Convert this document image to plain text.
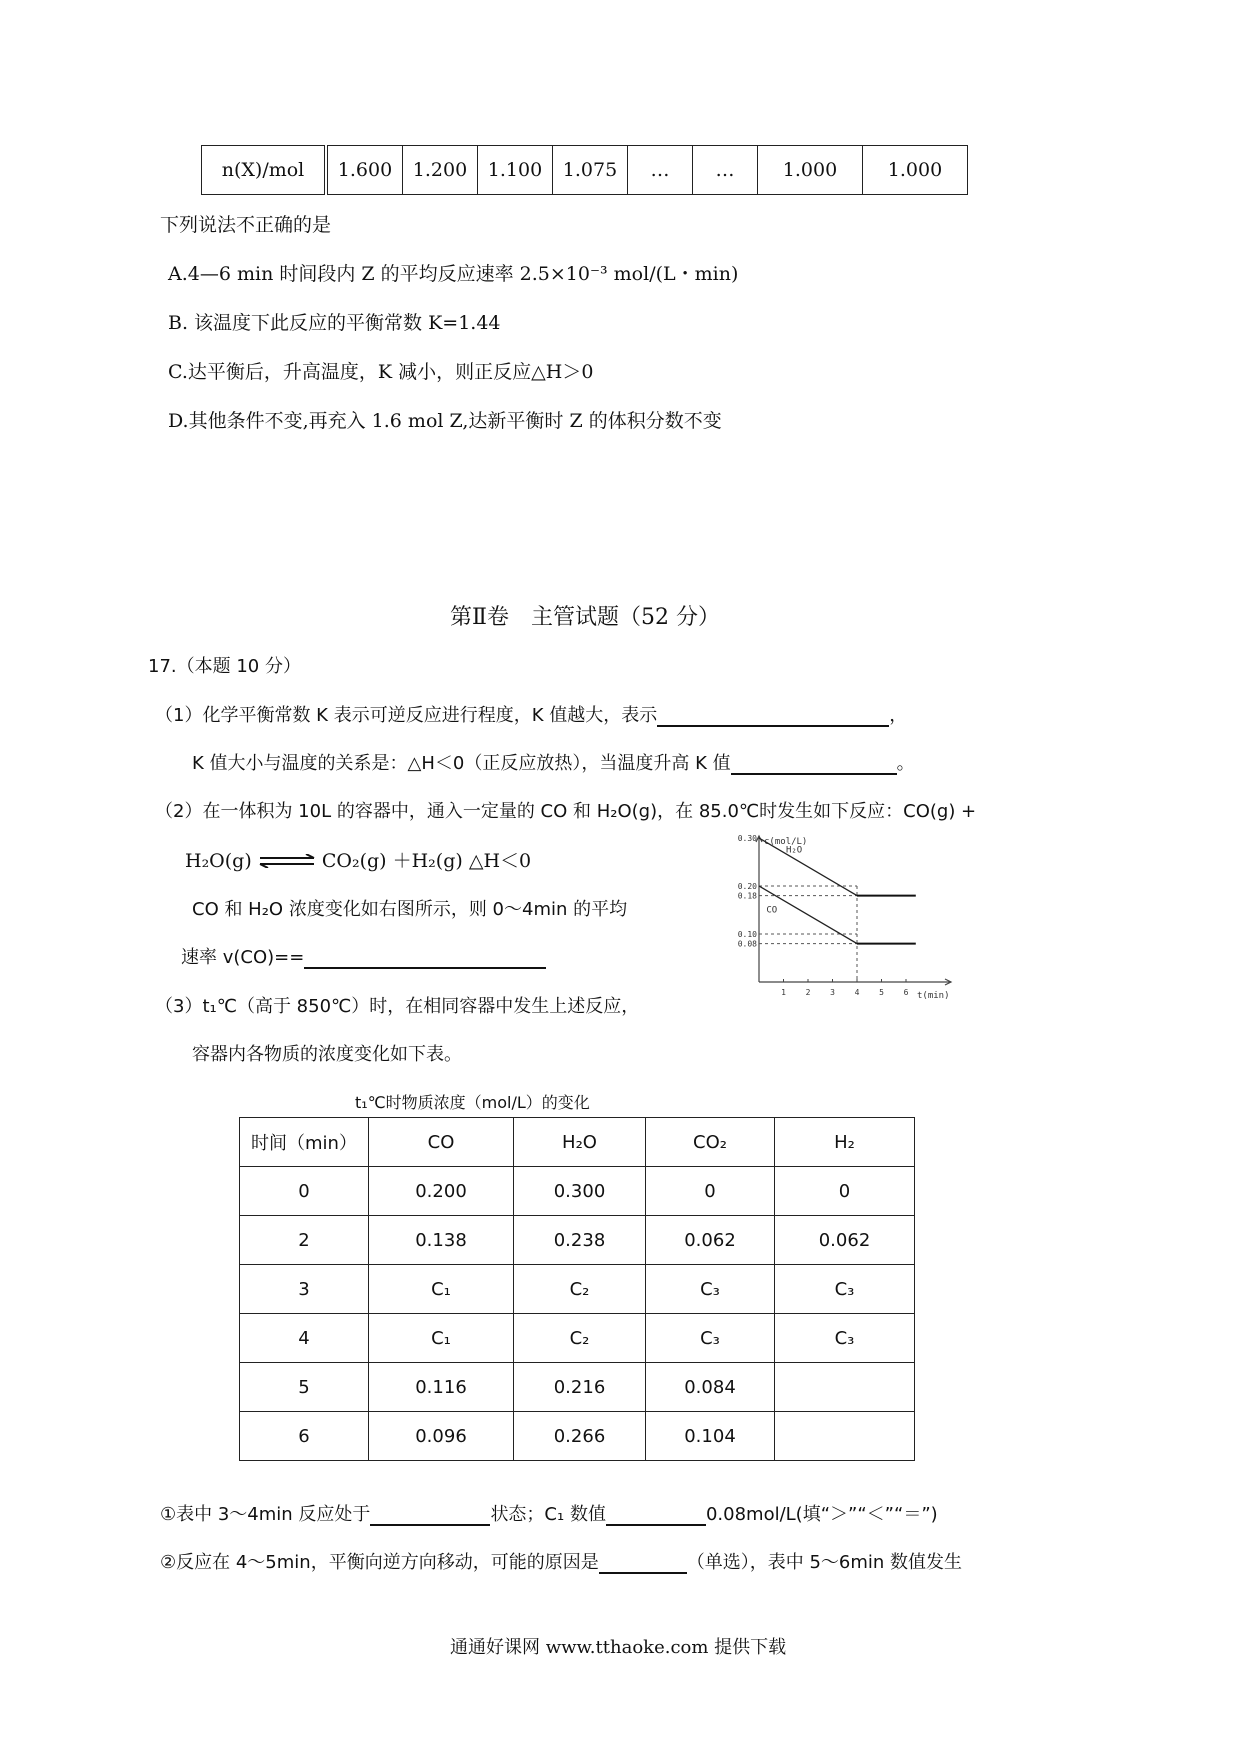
n(X)/mol	1.600	1.200	1.100	1.075	…	…	1.000	1.000
下列说法不正确的是
A.4—6 min 时间段内 Z 的平均反应速率 2.5×10⁻³ mol/(L・min)
B. 该温度下此反应的平衡常数 K=1.44
C.达平衡后，升高温度，K 减小，则正反应△H＞0
D.其他条件不变,再充入 1.6 mol Z,达新平衡时 Z 的体积分数不变
第Ⅱ卷　主管试题（52 分）
17.（本题 10 分）
（1）化学平衡常数 K 表示可逆反应进行程度，K 值越大，表示	，
K 值大小与温度的关系是：△H＜0（正反应放热），当温度升高 K 值	。
（2）在一体积为 10L 的容器中，通入一定量的 CO 和 H₂O(g)，在 85.0℃时发生如下反应：CO(g) +
H₂O(g) ⇌ CO₂(g) ＋H₂(g) △H＜0
CO 和 H₂O 浓度变化如右图所示，则 0～4min 的平均
速率 v(CO)==
（3）t₁℃（高于 850℃）时，在相同容器中发生上述反应，
容器内各物质的浓度变化如下表。
c(mol/L)
t(min)
0.30
0.20
0.18
0.10
0.08
1 2 3 4 5 6
H₂O
CO
t₁℃时物质浓度（mol/L）的变化
时间（min）	CO	H₂O	CO₂	H₂
0	0.200	0.300	0	0
2	0.138	0.238	0.062	0.062
3	C₁	C₂	C₃	C₃
4	C₁	C₂	C₃	C₃
5	0.116	0.216	0.084	
6	0.096	0.266	0.104	
①表中 3～4min 反应处于	状态；C₁ 数值	0.08mol/L(填“＞”“＜”“＝”)
②反应在 4～5min，平衡向逆方向移动，可能的原因是	（单选），表中 5～6min 数值发生
通通好课网 www.tthaoke.com 提供下载
